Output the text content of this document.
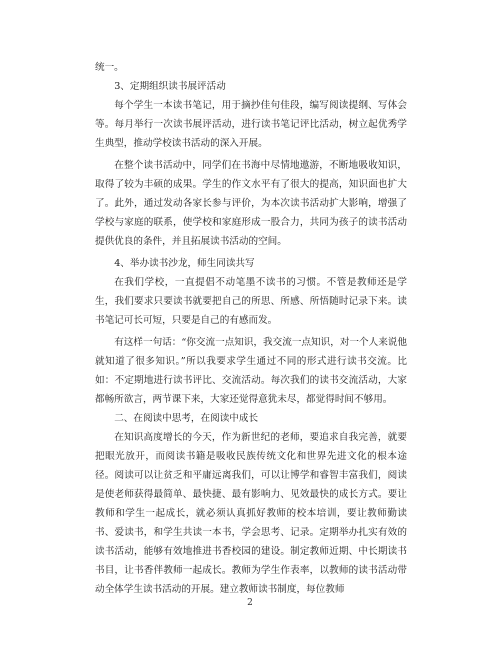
统一。

3、定期组织读书展评活动

每个学生一本读书笔记，用于摘抄佳句佳段，编写阅读提纲、写体会等。每月举行一次读书展评活动，进行读书笔记评比活动，树立起优秀学生典型，推动学校读书活动的深入开展。

在整个读书活动中，同学们在书海中尽情地遨游，不断地吸收知识，取得了较为丰硕的成果。学生的作文水平有了很大的提高，知识面也扩大了。此外，通过发动各家长参与评价，为本次读书活动扩大影响，增强了学校与家庭的联系，使学校和家庭形成一股合力，共同为孩子的读书活动提供优良的条件，并且拓展读书活动的空间。

4、举办读书沙龙，师生同读共写

在我们学校，一直提倡不动笔墨不读书的习惯。不管是教师还是学生，我们要求只要读书就要把自己的所思、所感、所悟随时记录下来。读书笔记可长可短，只要是自己的有感而发。

有这样一句话：“你交流一点知识，我交流一点知识，对一个人来说他就知道了很多知识。”所以我要求学生通过不同的形式进行读书交流。比如：不定期地进行读书评比、交流活动。每次我们的读书交流活动，大家都畅所欲言，两节课下来，大家还觉得意犹未尽，都觉得时间不够用。

二、在阅读中思考，在阅读中成长

在知识高度增长的今天，作为新世纪的老师，要追求自我完善，就要把眼光放开，而阅读书籍是吸收民族传统文化和世界先进文化的根本途径。阅读可以让贫乏和平庸远离我们，可以让博学和睿智丰富我们，阅读是使老师获得最简单、最快捷、最有影响力、见效最快的成长方式。要让教师和学生一起成长，就必须认真抓好教师的校本培训，要让教师勤读书、爱读书，和学生共读一本书，学会思考、记录。定期举办扎实有效的读书活动，能够有效地推进书香校园的建设。制定教师近期、中长期读书书目，让书香伴教师一起成长。教师为学生作表率，以教师的读书活动带动全体学生读书活动的开展。建立教师读书制度，每位教师

2
